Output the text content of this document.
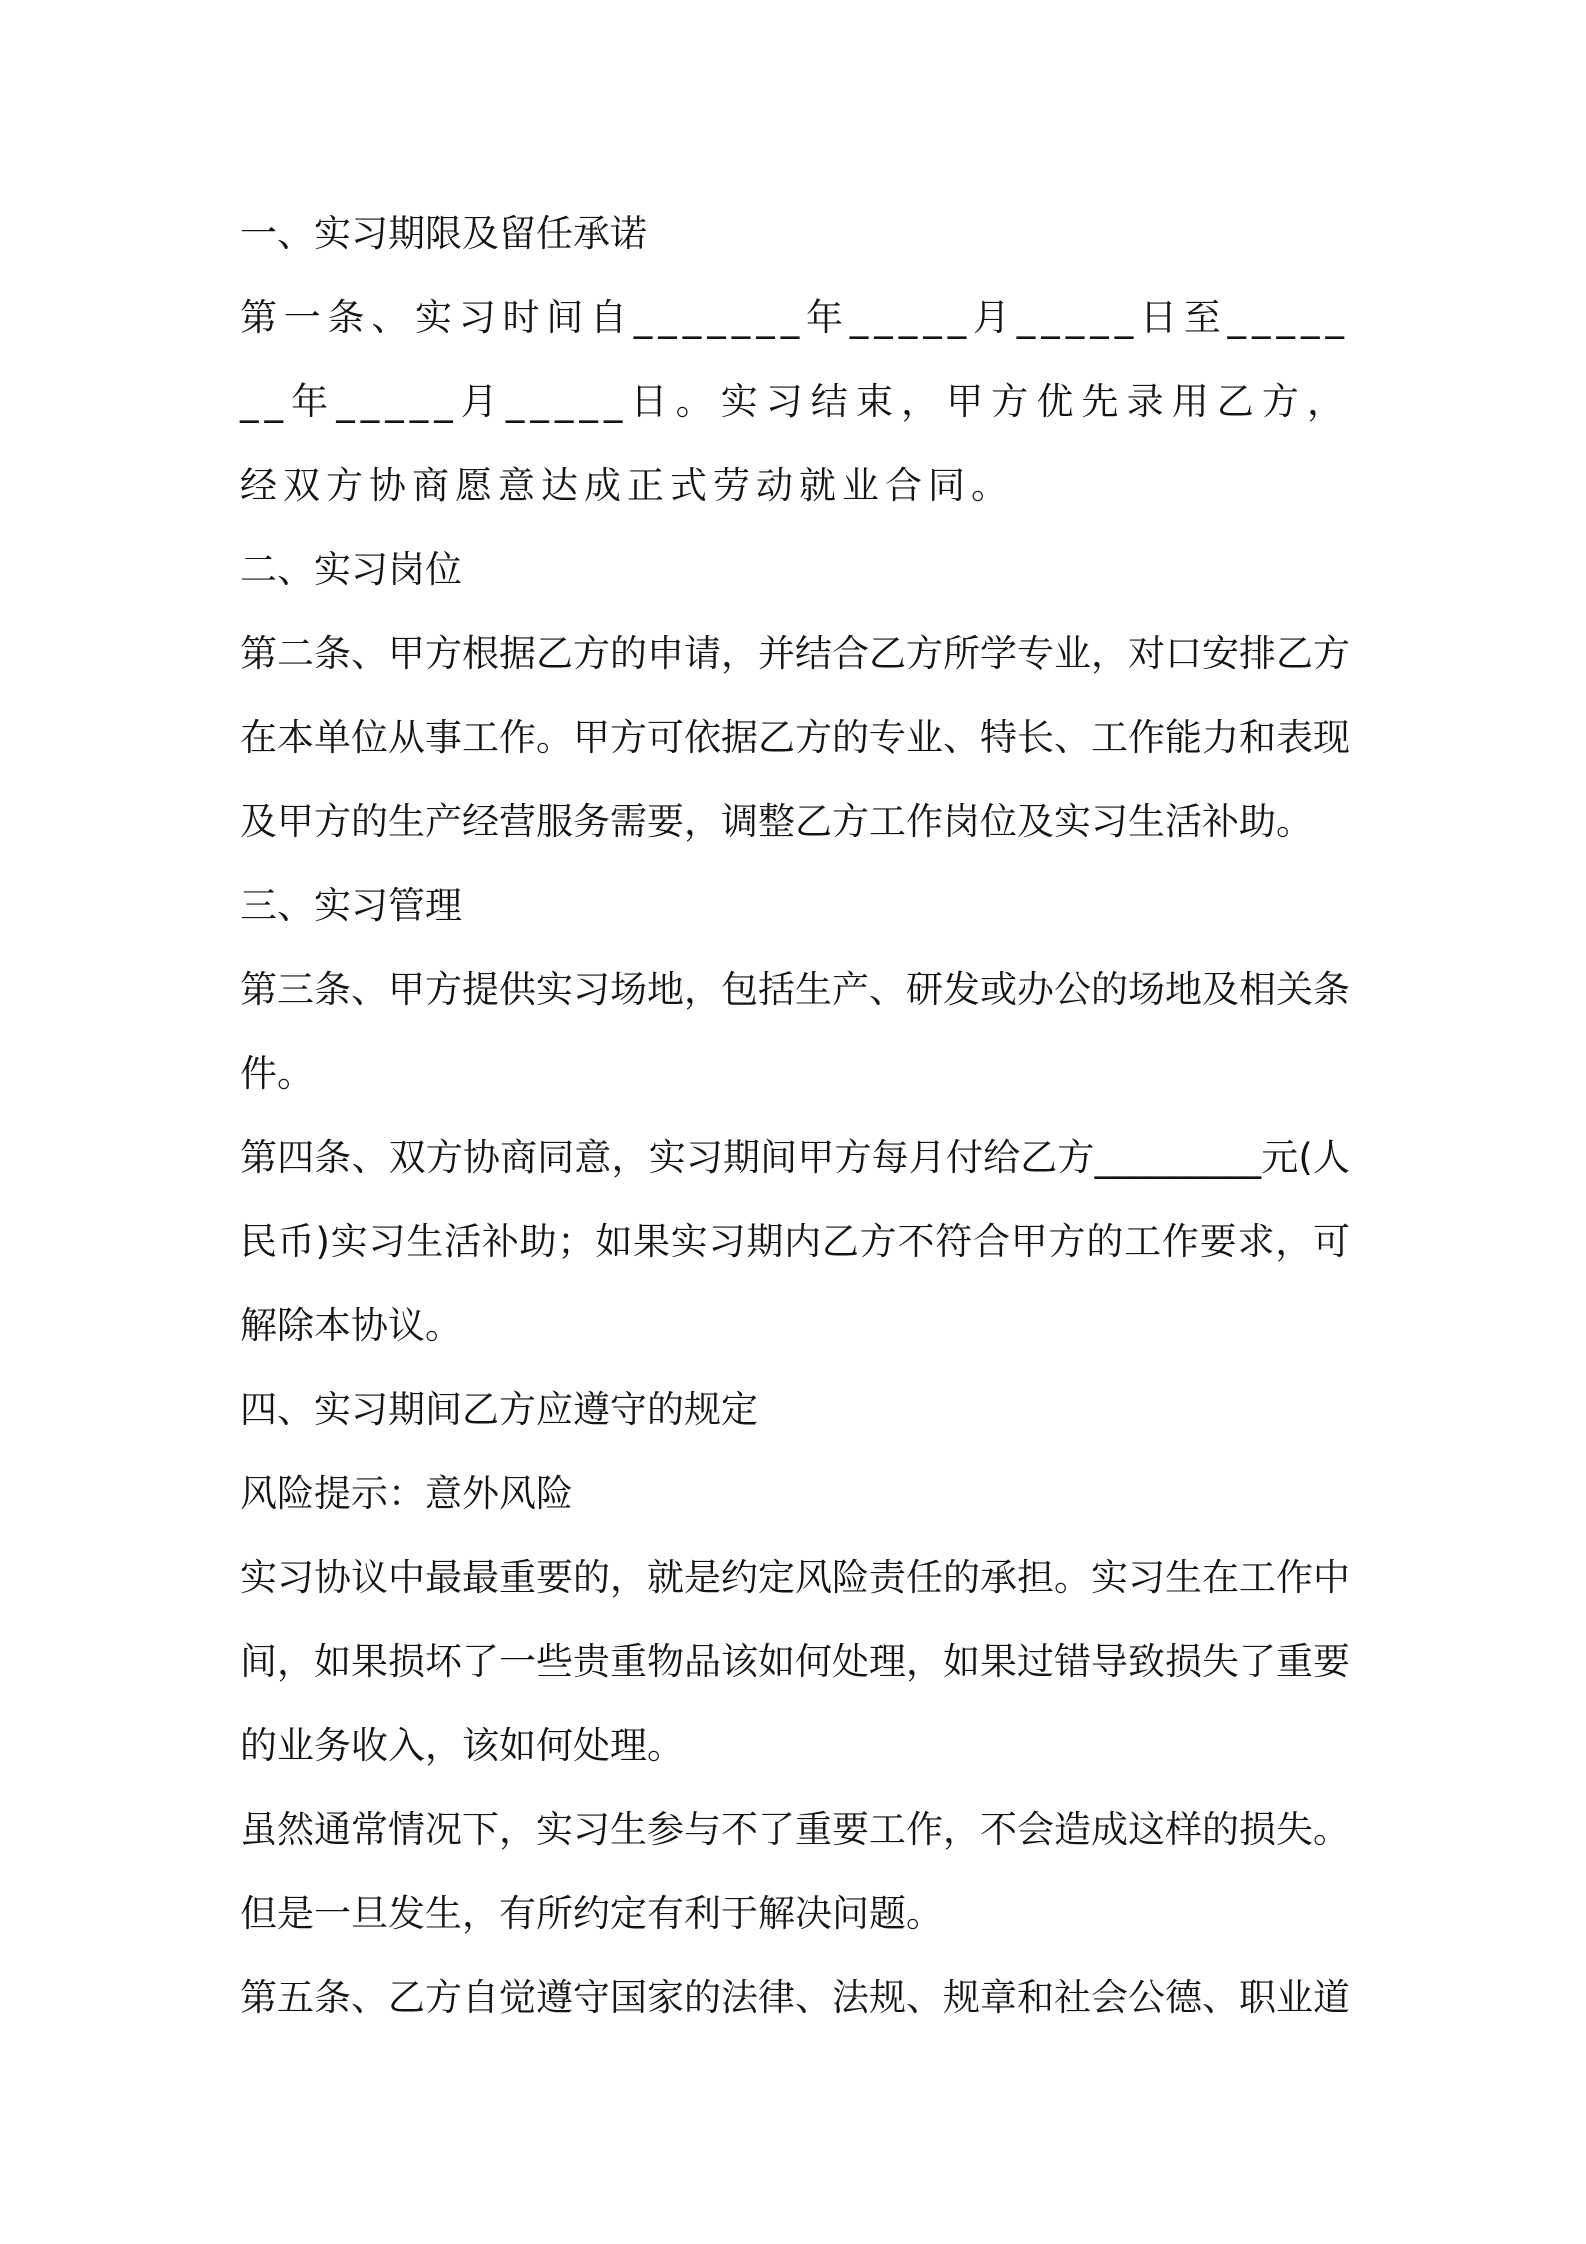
一、实习期限及留任承诺

第一条、实习时间自_______年_____月_____日至_______年_____月_____日。实习结束，甲方优先录用乙方，经双方协商愿意达成正式劳动就业合同。

二、实习岗位

第二条、甲方根据乙方的申请，并结合乙方所学专业，对口安排乙方在本单位从事工作。甲方可依据乙方的专业、特长、工作能力和表现及甲方的生产经营服务需要，调整乙方工作岗位及实习生活补助。

三、实习管理

第三条、甲方提供实习场地，包括生产、研发或办公的场地及相关条件。

第四条、双方协商同意，实习期间甲方每月付给乙方_________元(人民币)实习生活补助；如果实习期内乙方不符合甲方的工作要求，可解除本协议。

四、实习期间乙方应遵守的规定

风险提示：意外风险

实习协议中最最重要的，就是约定风险责任的承担。实习生在工作中间，如果损坏了一些贵重物品该如何处理，如果过错导致损失了重要的业务收入，该如何处理。

虽然通常情况下，实习生参与不了重要工作，不会造成这样的损失。但是一旦发生，有所约定有利于解决问题。

第五条、乙方自觉遵守国家的法律、法规、规章和社会公德、职业道
